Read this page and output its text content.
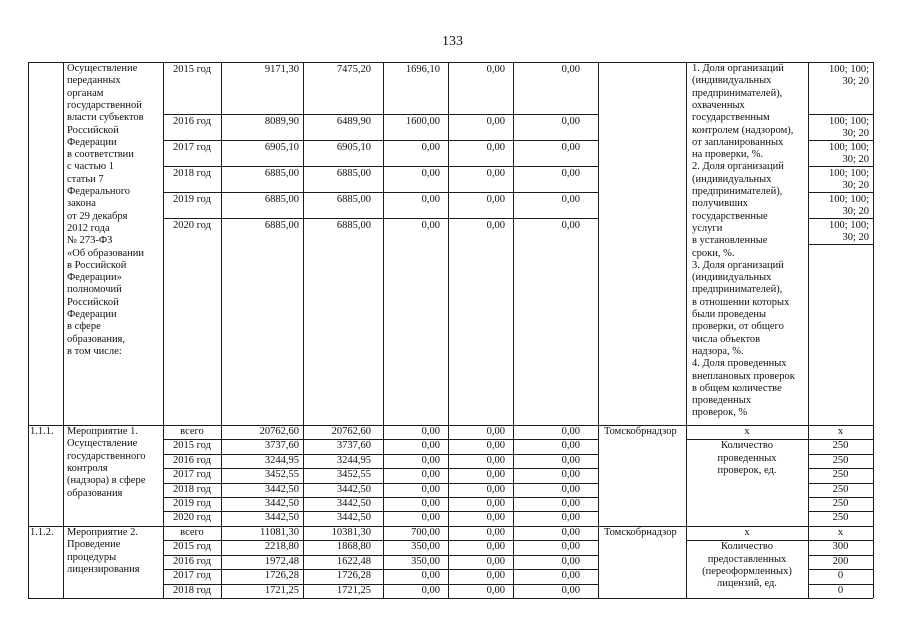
133
2015 год	9171,30	7475,20	1696,10	0,00	0,00	100; 100;
30; 20
2016 год	8089,90	6489,90	1600,00	0,00	0,00	100; 100;
30; 20
2017 год	6905,10	6905,10	0,00	0,00	0,00	100; 100;
30; 20
2018 год	6885,00	6885,00	0,00	0,00	0,00	100; 100;
30; 20
2019 год	6885,00	6885,00	0,00	0,00	0,00	100; 100;
30; 20
2020 год	6885,00	6885,00	0,00	0,00	0,00	100; 100;
30; 20
Осуществление
переданных
органам
государственной
власти субъектов
Российской
Федерации
в соответствии
с частью 1
статьи 7
Федерального
закона
от 29 декабря
2012 года
№ 273-ФЗ
«Об образовании
в Российской
Федерации»
полномочий
Российской
Федерации
в сфере
образования,
в том числе:
1. Доля организаций
(индивидуальных
предпринимателей),
охваченных
государственным
контролем (надзором),
от запланированных
на проверки, %.
2. Доля организаций
(индивидуальных
предпринимателей),
получивших
государственные
услуги
в установленные
сроки, %.
3. Доля организаций
(индивидуальных
предпринимателей),
в отношении которых
были проведены
проверки, от общего
числа объектов
надзора, %.
4. Доля проведенных
внеплановых проверок
в общем количестве
проведенных
проверок, %
1.1.1. Мероприятие 1.
Осуществление
государственного
контроля
(надзора) в сфере
образования
Томскобрнадзор	х
Количество
проведенных
проверок, ед.
всего	20762,60	20762,60	0,00	0,00	0,00	х
2015 год	3737,60	3737,60	0,00	0,00	0,00	250
2016 год	3244,95	3244,95	0,00	0,00	0,00	250
2017 год	3452,55	3452,55	0,00	0,00	0,00	250
2018 год	3442,50	3442,50	0,00	0,00	0,00	250
2019 год	3442,50	3442,50	0,00	0,00	0,00	250
2020 год	3442,50	3442,50	0,00	0,00	0,00	250
1.1.2. Мероприятие 2.
Проведение
процедуры
лицензирования
Томскобрнадзор	х
Количество
предоставленных
(переоформленных)
лицензий, ед.
всего	11081,30	10381,30	700,00	0,00	0,00	х
2015 год	2218,80	1868,80	350,00	0,00	0,00	300
2016 год	1972,48	1622,48	350,00	0,00	0,00	200
2017 год	1726,28	1726,28	0,00	0,00	0,00	0
2018 год	1721,25	1721,25	0,00	0,00	0,00	0
